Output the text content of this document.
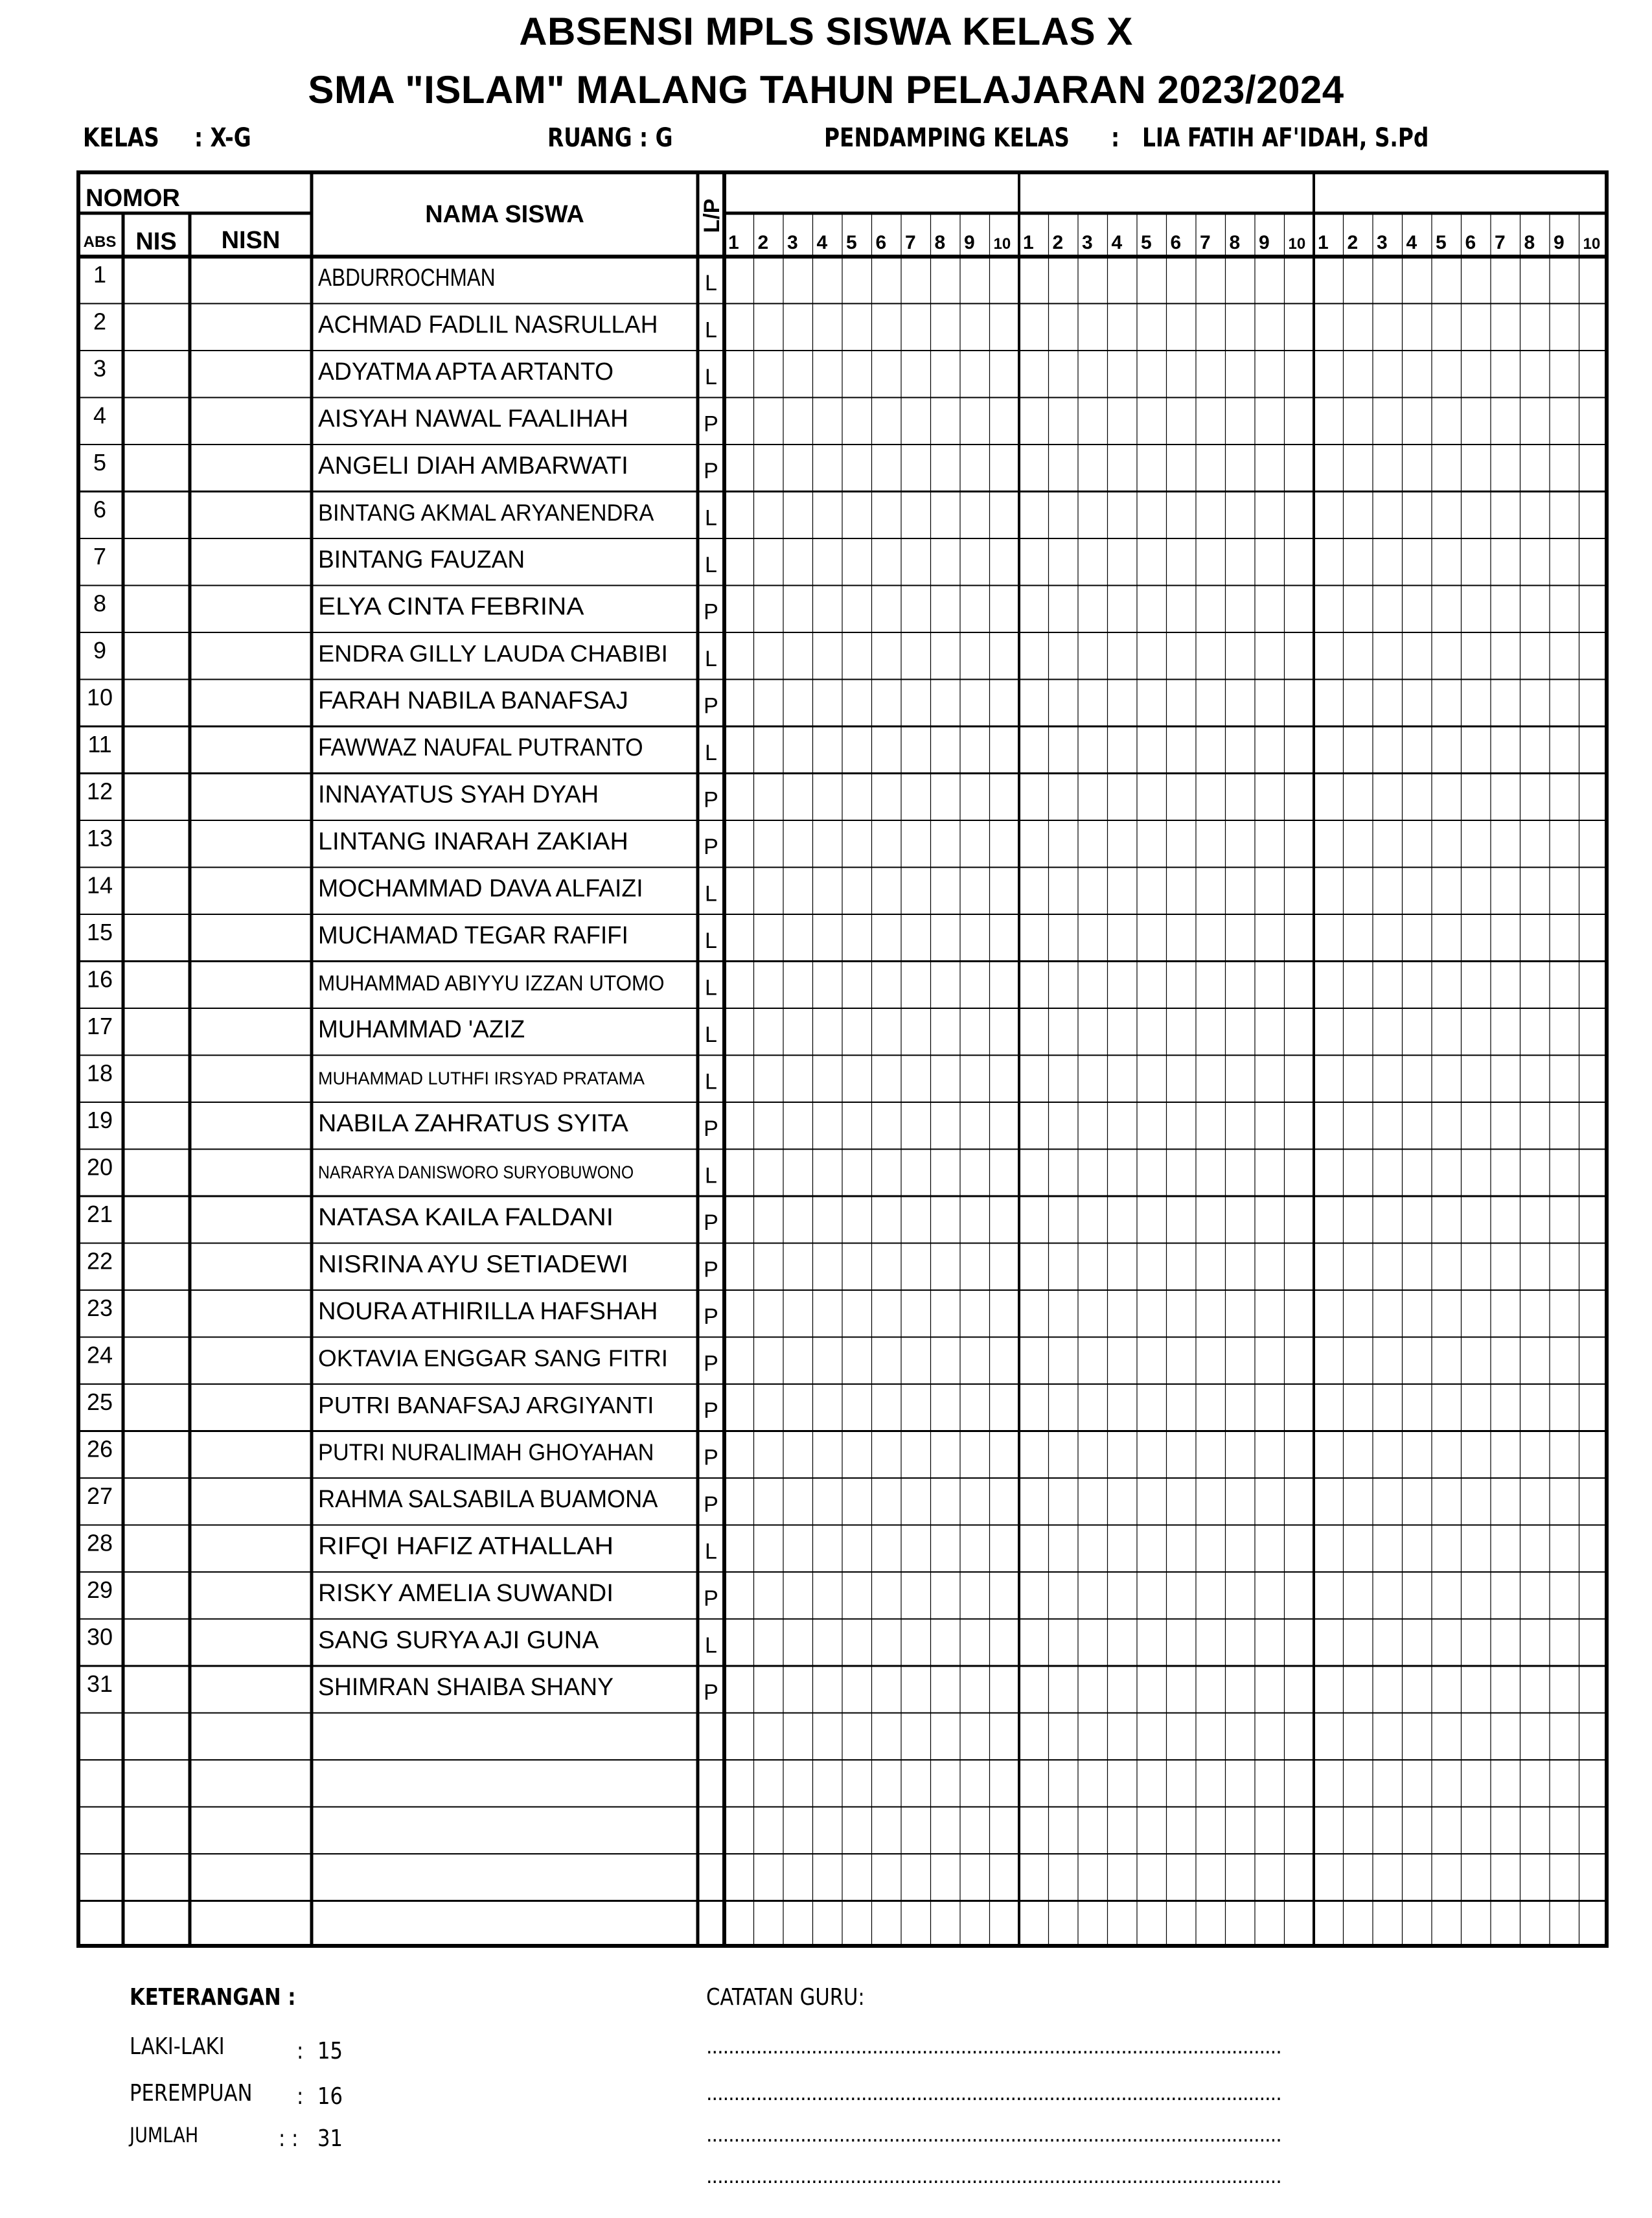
ABSENSI MPLS SISWA KELAS X
SMA "ISLAM" MALANG TAHUN PELAJARAN 2023/2024
KELAS : X-G	RUANG : G	PENDAMPING KELAS : LIA FATIH AF'IDAH, S.Pd
NOMOR
ABS NIS NISN
NAMA SISWA	L/P
1 2 3 4 5 6 7 8 9 10 1 2 3 4 5 6 7 8 9 10 1 2 3 4 5 6 7 8 9 10
1	ABDURROCHMAN	L
2	ACHMAD FADLIL NASRULLAH L
3	ADYATMA APTA ARTANTO	L
4	AISYAH NAWAL FAALIHAH	P
5	ANGELI DIAH AMBARWATI	P
6	BINTANG AKMAL ARYANENDRA L
7	BINTANG FAUZAN	L
8	ELYA CINTA FEBRINA	P
9	ENDRA GILLY LAUDA CHABIBI L
10	FARAH NABILA BANAFSAJ	P
11	FAWWAZ NAUFAL PUTRANTO	L
12	INNAYATUS SYAH DYAH	P
13	LINTANG INARAH ZAKIAH	P
14	MOCHAMMAD DAVA ALFAIZI	L
15	MUCHAMAD TEGAR RAFIFI	L
16	MUHAMMAD ABIYYU IZZAN UTOMO L
17	MUHAMMAD 'AZIZ	L
18	MUHAMMAD LUTHFI IRSYAD PRATAMA	L
19	NABILA ZAHRATUS SYITA	P
20	NARARYA DANISWORO SURYOBUWONO	L
21	NATASA KAILA FALDANI	P
22	NISRINA AYU SETIADEWI	P
23	NOURA ATHIRILLA HAFSHAH P
24	OKTAVIA ENGGAR SANG FITRI P
25	PUTRI BANAFSAJ ARGIYANTI P
26	PUTRI NURALIMAH GHOYAHAN P
27	RAHMA SALSABILA BUAMONA P
28	RIFQI HAFIZ ATHALLAH	L
29	RISKY AMELIA SUWANDI	P
30	SANG SURYA AJI GUNA	L
31	SHIMRAN SHAIBA SHANY	P
KETERANGAN :
LAKI-LAKI	: 15
PEREMPUAN : 16
JUMLAH	: : 31
CATATAN GURU:
........................................................................................................
........................................................................................................
........................................................................................................
........................................................................................................
